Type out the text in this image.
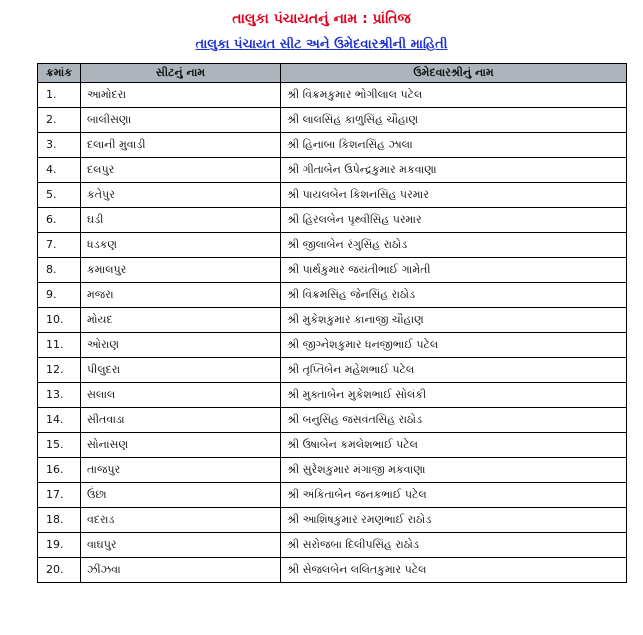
તાલુકા પંચાયતનું નામ : પ્રાંતિજ
તાલુકા પંચાયત સીટ અને ઉમેદવારશ્રીની માહિતી
ક્રમાંક	સીટનું નામ	ઉમેદવારશ્રીનું નામ
1.	આમોદરા	શ્રી વિક્રમકુમાર ભોગીલાલ પટેલ
2.	બાલીસણા	શ્રી લાલસિંહ કાળુસિંહ ચૌહાણ
3.	દલાની મુવાડી	શ્રી હિનાબા કિશનસિંહ ઝાલા
4.	દલપુર	શ્રી ગીતાબેન ઉપેન્દ્રકુમાર મકવાણા
5.	કતેપુર	શ્રી પાયલબેન કિશનસિંહ પરમાર
6.	ઘડી	શ્રી હિરલબેન પૃથ્વીસિંહ પરમાર
7.	ધડકણ	શ્રી જીલાબેન રંગુસિંહ રાઠોડ
8.	કમાલપુર	શ્રી પાર્થકુમાર જયંતીભાઈ ગામેતી
9.	મજરા	શ્રી વિક્રમસિંહ જેનસિંહ રાઠોડ
10.	મોયદ	શ્રી મુકેશકુમાર કાનાજી ચૌહાણ
11.	ઓરાણ	શ્રી જીગ્નેશકુમાર ધનજીભાઈ પટેલ
12.	પીલુદરા	શ્રી તૃપ્તિબેન મહેશભાઈ પટેલ
13.	સલાલ	શ્રી મુક્તાબેન મુકેશભાઈ સોલંકી
14.	સીતવાડા	શ્રી બનુસિંહ જસવંતસિંહ રાઠોડ
15.	સોનાસણ	શ્રી ઉષાબેન કમલેશભાઈ પટેલ
16.	તાજપુર	શ્રી સુરેશકુમાર મંગાજી મકવાણા
17.	ઉંછા	શ્રી અંકિતાબેન જનકભાઈ પટેલ
18.	વદરાડ	શ્રી આશિષકુમાર રમણભાઈ રાઠોડ
19.	વાઘપુર	શ્રી સરોજબા દિલીપસિંહ રાઠોડ
20.	ઝીંઝવા	શ્રી સેજલબેન લલિતકુમાર પટેલ
